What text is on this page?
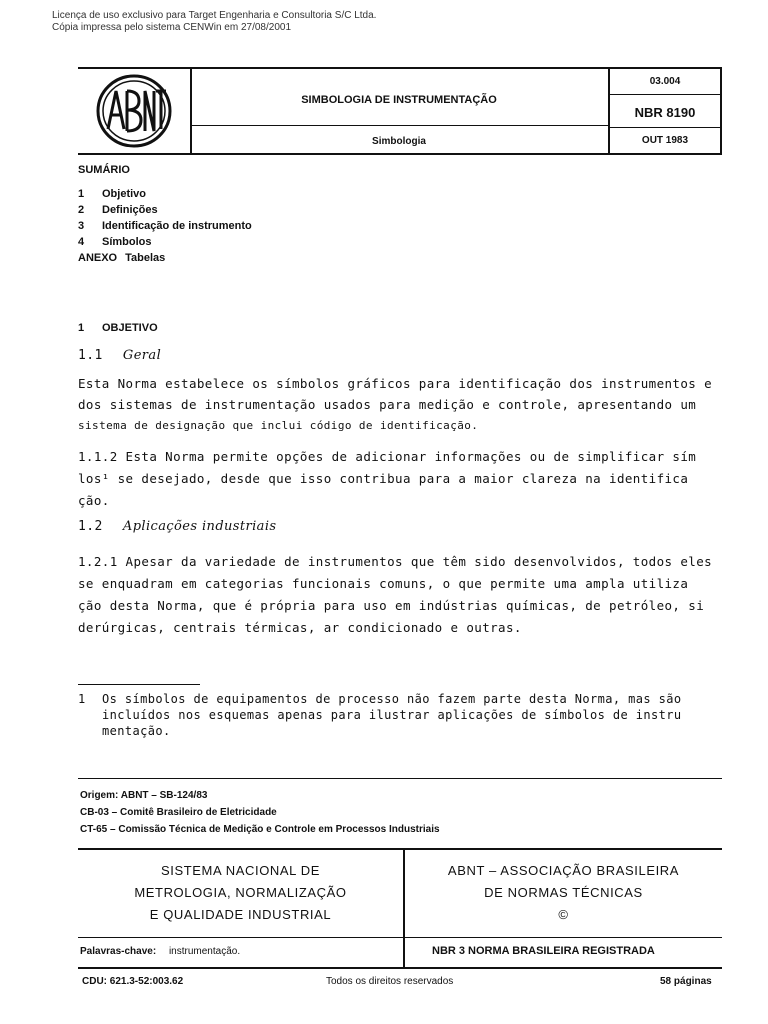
Licença de uso exclusivo para Target Engenharia e Consultoria S/C Ltda.
Cópia impressa pelo sistema CENWin em 27/08/2001
SIMBOLOGIA DE INSTRUMENTAÇÃO
Simbologia
03.004
NBR 8190
OUT 1983
SUMÁRIO
1	Objetivo
2	Definições
3	Identificação de instrumento
4	Símbolos
ANEXO Tabelas
1 OBJETIVO
1.1 Geral
Esta Norma estabelece os símbolos gráficos para identificação dos instrumentos e
dos sistemas de instrumentação usados para medição e controle, apresentando um
sistema de designação que inclui código de identificação.
1.1.2 Esta Norma permite opções de adicionar informações ou de simplificar sím
los¹ se desejado, desde que isso contribua para a maior clareza na identifica
ção.
1.2 Aplicações industriais
1.2.1 Apesar da variedade de instrumentos que têm sido desenvolvidos, todos eles
se enquadram em categorias funcionais comuns, o que permite uma ampla utiliza
ção desta Norma, que é própria para uso em indústrias químicas, de petróleo, si
derúrgicas, centrais térmicas, ar condicionado e outras.
1	Os símbolos de equipamentos de processo não fazem parte desta Norma, mas são
incluídos nos esquemas apenas para ilustrar aplicações de símbolos de instru
mentação.
Origem: ABNT – SB-124/83
CB-03 – Comitê Brasileiro de Eletricidade
CT-65 – Comissão Técnica de Medição e Controle em Processos Industriais
SISTEMA NACIONAL DE
METROLOGIA, NORMALIZAÇÃO
E QUALIDADE INDUSTRIAL
ABNT – ASSOCIAÇÃO BRASILEIRA
DE NORMAS TÉCNICAS
©
Palavras-chave: instrumentação.	NBR 3 NORMA BRASILEIRA REGISTRADA
CDU: 621.3-52:003.62	Todos os direitos reservados	58 páginas
